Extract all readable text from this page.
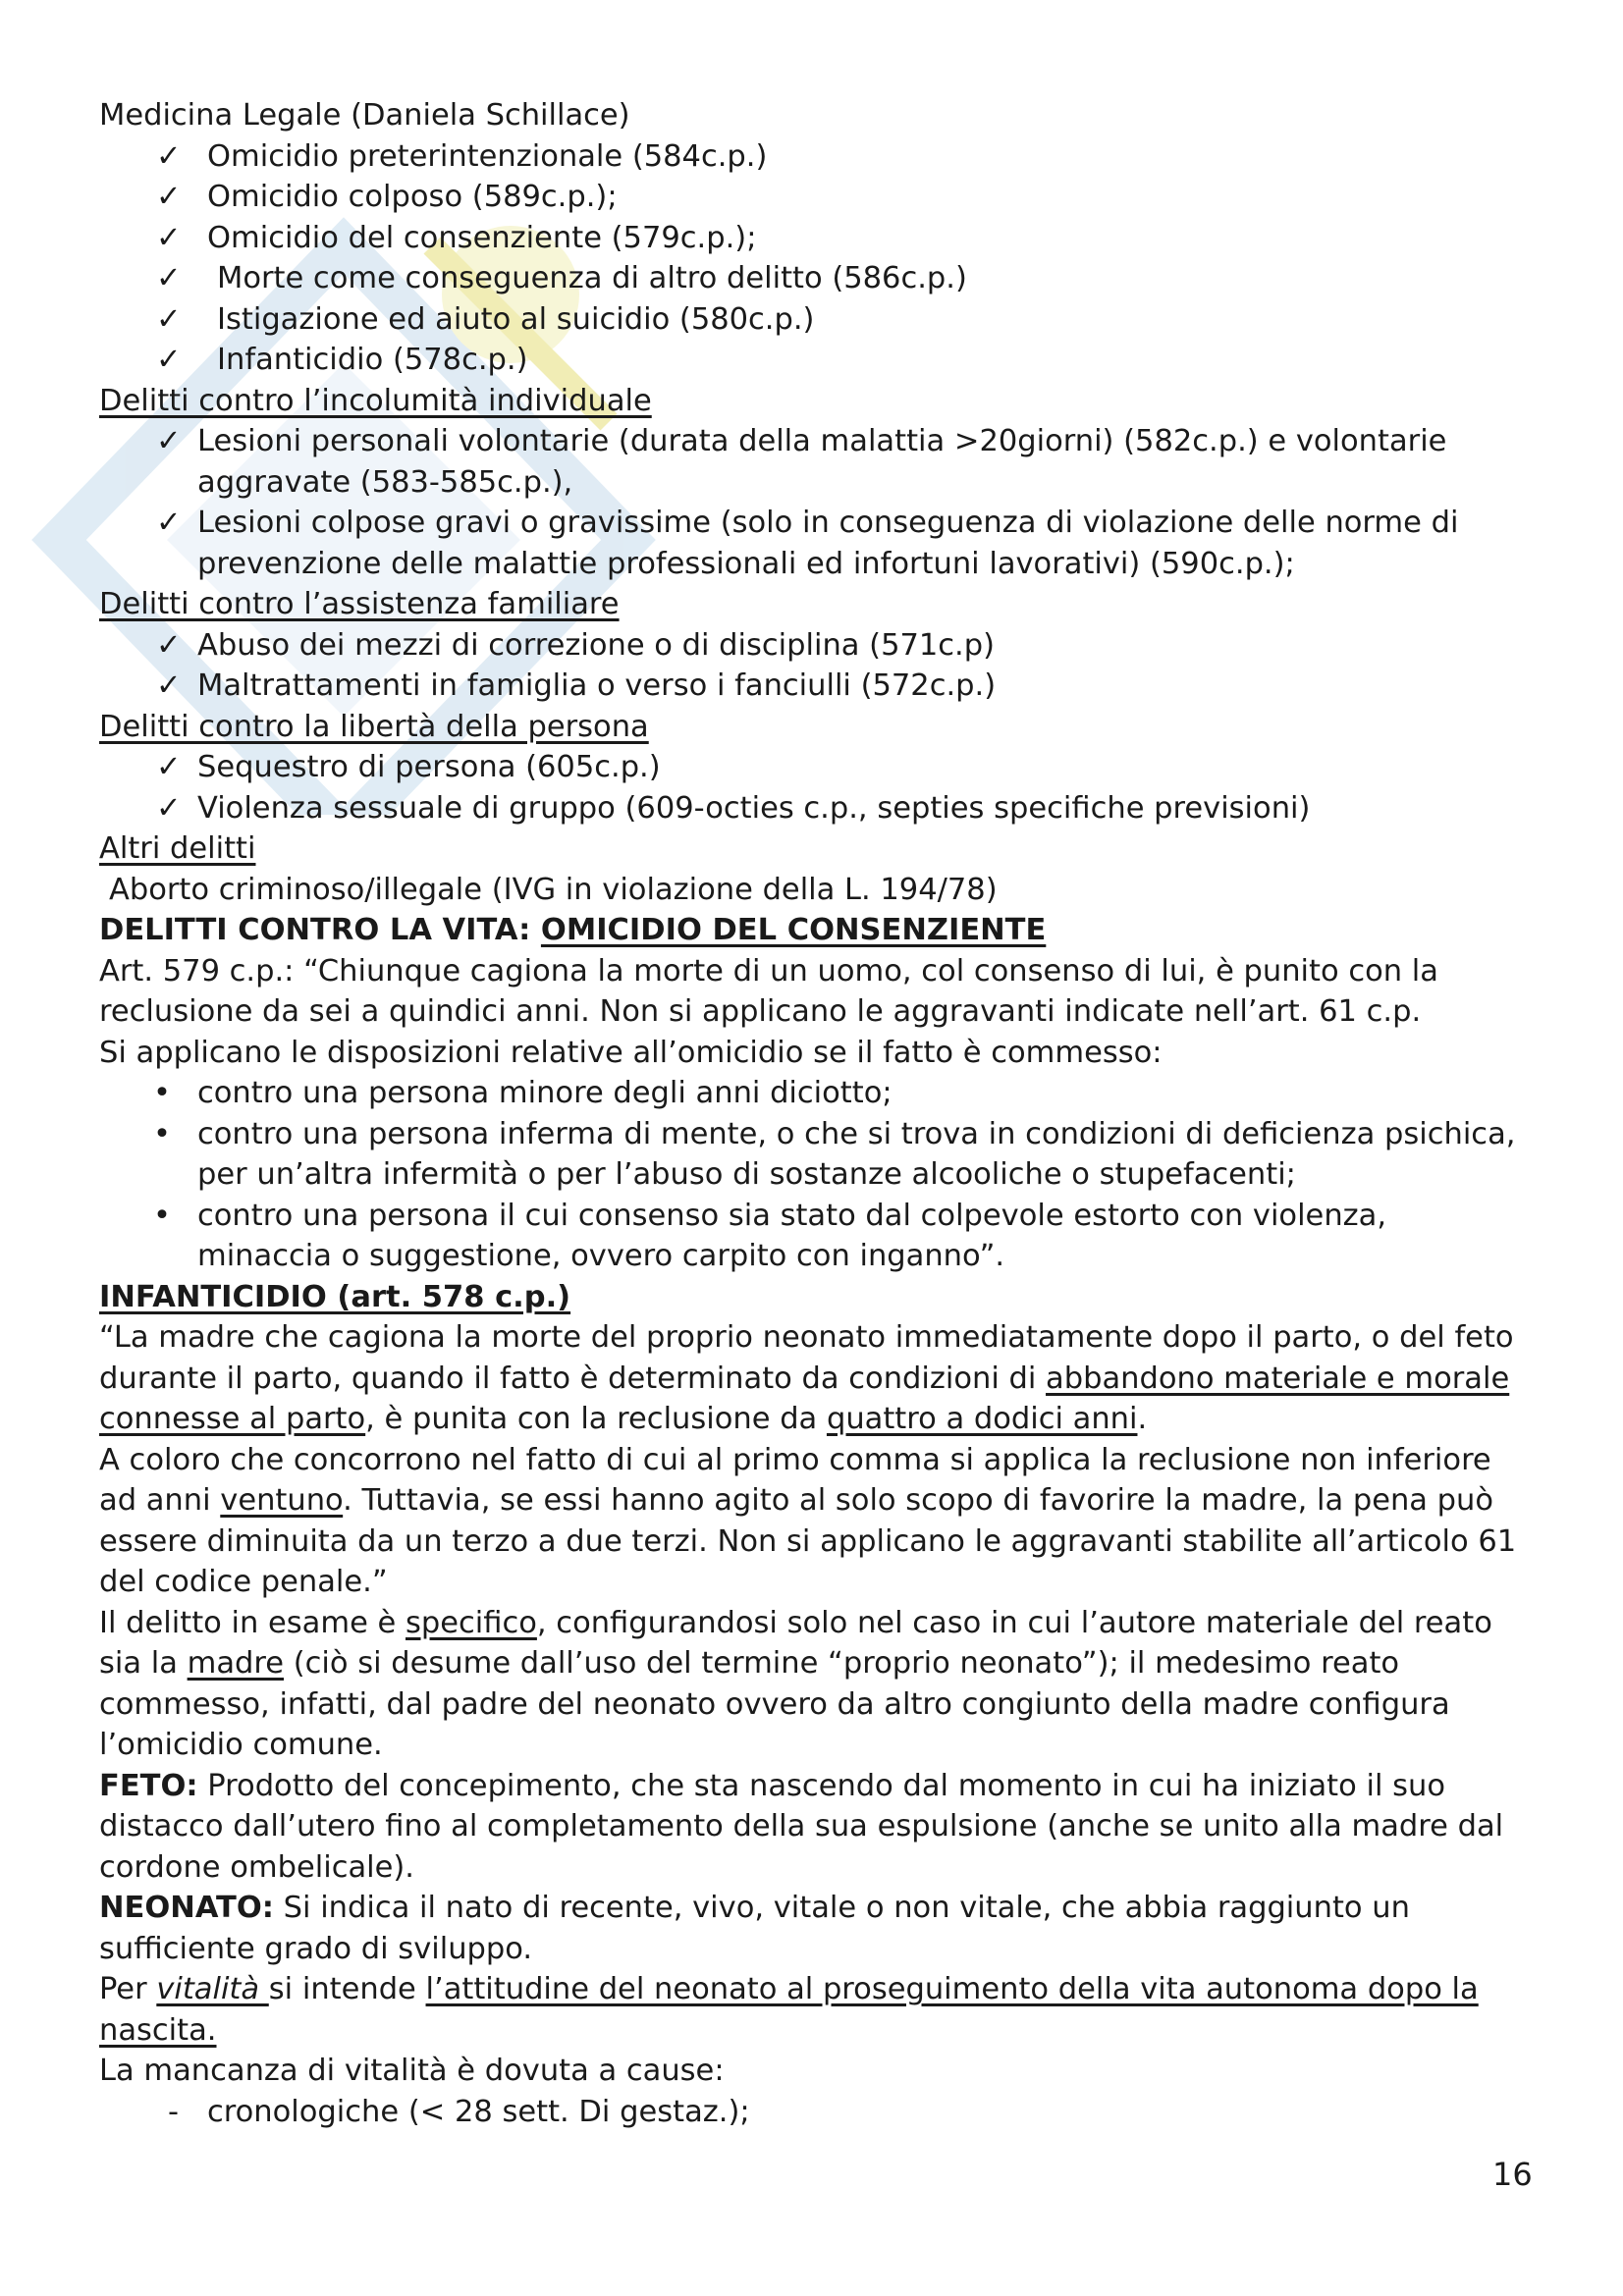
Medicina Legale (Daniela Schillace)
✓ Omicidio preterintenzionale (584c.p.)
✓ Omicidio colposo (589c.p.);
✓ Omicidio del consenziente (579c.p.);
✓ Morte come conseguenza di altro delitto (586c.p.)
✓ Istigazione ed aiuto al suicidio (580c.p.)
✓ Infanticidio (578c.p.)
Delitti contro l’incolumità individuale
✓ Lesioni personali volontarie (durata della malattia >20giorni) (582c.p.) e volontarie
aggravate (583-585c.p.),
✓ Lesioni colpose gravi o gravissime (solo in conseguenza di violazione delle norme di
prevenzione delle malattie professionali ed infortuni lavorativi) (590c.p.);
Delitti contro l’assistenza familiare
✓ Abuso dei mezzi di correzione o di disciplina (571c.p)
✓ Maltrattamenti in famiglia o verso i fanciulli (572c.p.)
Delitti contro la libertà della persona
✓ Sequestro di persona (605c.p.)
✓ Violenza sessuale di gruppo (609-octies c.p., septies specifiche previsioni)
Altri delitti
Aborto criminoso/illegale (IVG in violazione della L. 194/78)
DELITTI CONTRO LA VITA: OMICIDIO DEL CONSENZIENTE
Art. 579 c.p.: “Chiunque cagiona la morte di un uomo, col consenso di lui, è punito con la
reclusione da sei a quindici anni. Non si applicano le aggravanti indicate nell’art. 61 c.p.
Si applicano le disposizioni relative all’omicidio se il fatto è commesso:
• contro una persona minore degli anni diciotto;
• contro una persona inferma di mente, o che si trova in condizioni di deficienza psichica,
per un’altra infermità o per l’abuso di sostanze alcooliche o stupefacenti;
• contro una persona il cui consenso sia stato dal colpevole estorto con violenza,
minaccia o suggestione, ovvero carpito con inganno”.
INFANTICIDIO (art. 578 c.p.)
“La madre che cagiona la morte del proprio neonato immediatamente dopo il parto, o del feto
durante il parto, quando il fatto è determinato da condizioni di abbandono materiale e morale
connesse al parto, è punita con la reclusione da quattro a dodici anni.
A coloro che concorrono nel fatto di cui al primo comma si applica la reclusione non inferiore
ad anni ventuno. Tuttavia, se essi hanno agito al solo scopo di favorire la madre, la pena può
essere diminuita da un terzo a due terzi. Non si applicano le aggravanti stabilite all’articolo 61
del codice penale.”
Il delitto in esame è specifico, configurandosi solo nel caso in cui l’autore materiale del reato
sia la madre (ciò si desume dall’uso del termine “proprio neonato”); il medesimo reato
commesso, infatti, dal padre del neonato ovvero da altro congiunto della madre configura
l’omicidio comune.
FETO: Prodotto del concepimento, che sta nascendo dal momento in cui ha iniziato il suo
distacco dall’utero fino al completamento della sua espulsione (anche se unito alla madre dal
cordone ombelicale).
NEONATO: Si indica il nato di recente, vivo, vitale o non vitale, che abbia raggiunto un
sufficiente grado di sviluppo.
Per vitalità si intende l’attitudine del neonato al proseguimento della vita autonoma dopo la
nascita.
La mancanza di vitalità è dovuta a cause:
- cronologiche (< 28 sett. Di gestaz.);
16
